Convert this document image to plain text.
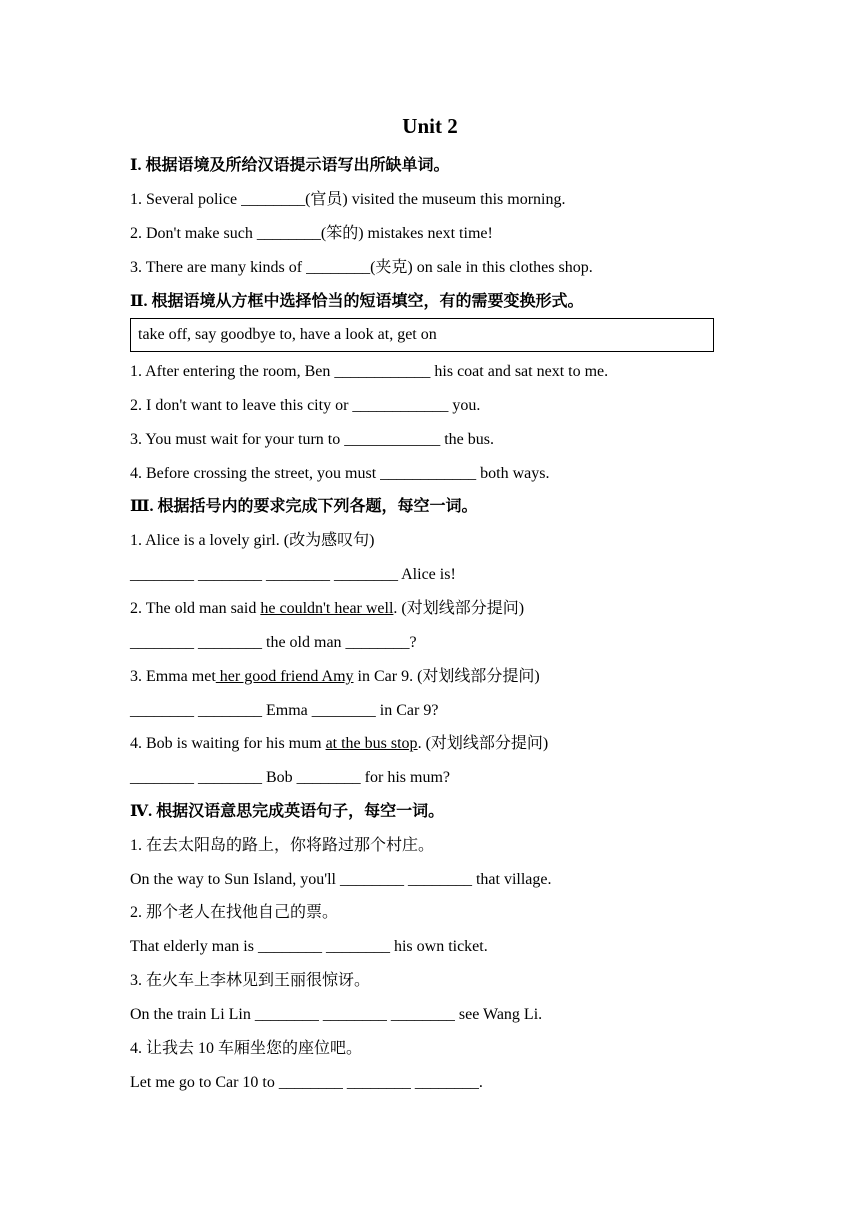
Unit 2
Ⅰ. 根据语境及所给汉语提示语写出所缺单词。
1. Several police ________(官员) visited the museum this morning.
2. Don't make such ________(笨的) mistakes next time!
3. There are many kinds of ________(夹克) on sale in this clothes shop.
Ⅱ. 根据语境从方框中选择恰当的短语填空，有的需要变换形式。
take off, say goodbye to, have a look at, get on
1. After entering the room, Ben ____________ his coat and sat next to me.
2. I don't want to leave this city or ____________ you.
3. You must wait for your turn to ____________ the bus.
4. Before crossing the street, you must ____________ both ways.
Ⅲ. 根据括号内的要求完成下列各题，每空一词。
1. Alice is a lovely girl. (改为感叹句)
________ ________ ________ ________ Alice is!
2. The old man said he couldn't hear well. (对划线部分提问)
________ ________ the old man ________?
3. Emma met her good friend Amy in Car 9. (对划线部分提问)
________ ________ Emma ________ in Car 9?
4. Bob is waiting for his mum at the bus stop. (对划线部分提问)
________ ________ Bob ________ for his mum?
Ⅳ. 根据汉语意思完成英语句子，每空一词。
1. 在去太阳岛的路上，你将路过那个村庄。
On the way to Sun Island, you'll ________ ________ that village.
2. 那个老人在找他自己的票。
That elderly man is ________ ________ his own ticket.
3. 在火车上李林见到王丽很惊讶。
On the train Li Lin ________ ________ ________ see Wang Li.
4. 让我去 10 车厢坐您的座位吧。
Let me go to Car 10 to ________ ________ ________.
